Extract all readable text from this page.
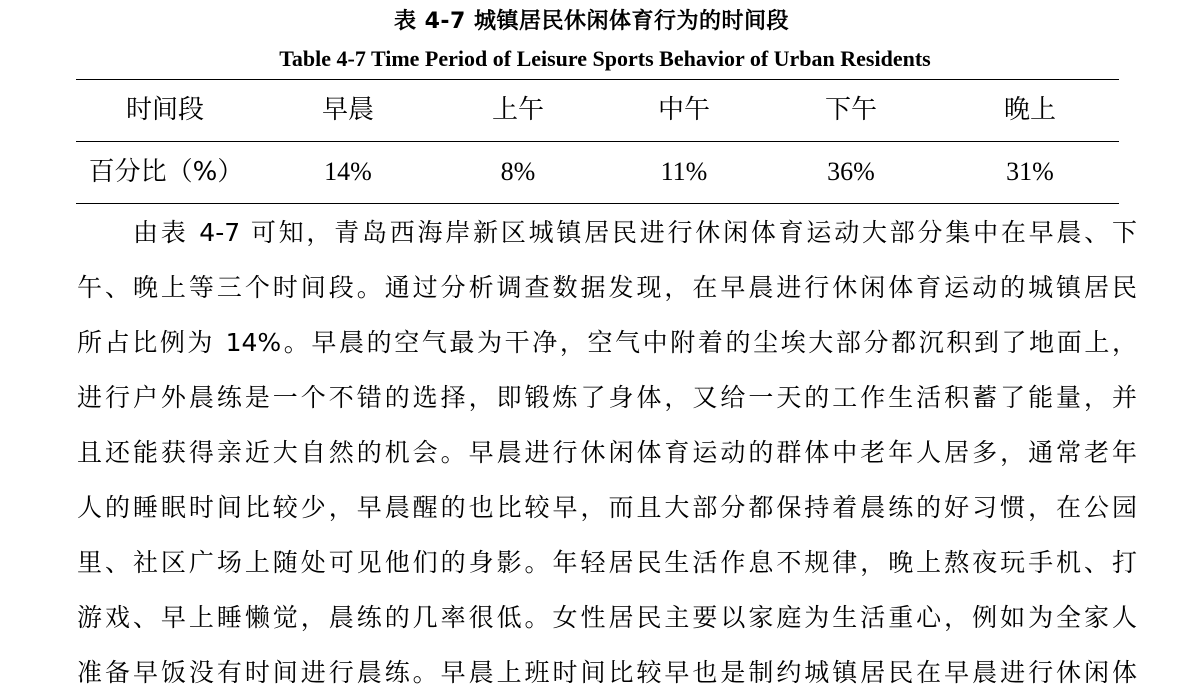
表 4-7 城镇居民休闲体育行为的时间段
Table 4-7 Time Period of Leisure Sports Behavior of Urban Residents
时间段	早晨	上午	中午	下午	晚上
百分比（%）	14%	8%	11%	36%	31%
由表 4-7 可知，青岛西海岸新区城镇居民进行休闲体育运动大部分集中在早晨、下
午、晚上等三个时间段。通过分析调查数据发现，在早晨进行休闲体育运动的城镇居民
所占比例为 14%。早晨的空气最为干净，空气中附着的尘埃大部分都沉积到了地面上，
进行户外晨练是一个不错的选择，即锻炼了身体，又给一天的工作生活积蓄了能量，并
且还能获得亲近大自然的机会。早晨进行休闲体育运动的群体中老年人居多，通常老年
人的睡眠时间比较少，早晨醒的也比较早，而且大部分都保持着晨练的好习惯，在公园
里、社区广场上随处可见他们的身影。年轻居民生活作息不规律，晚上熬夜玩手机、打
游戏、早上睡懒觉，晨练的几率很低。女性居民主要以家庭为生活重心，例如为全家人
准备早饭没有时间进行晨练。早晨上班时间比较早也是制约城镇居民在早晨进行休闲体
